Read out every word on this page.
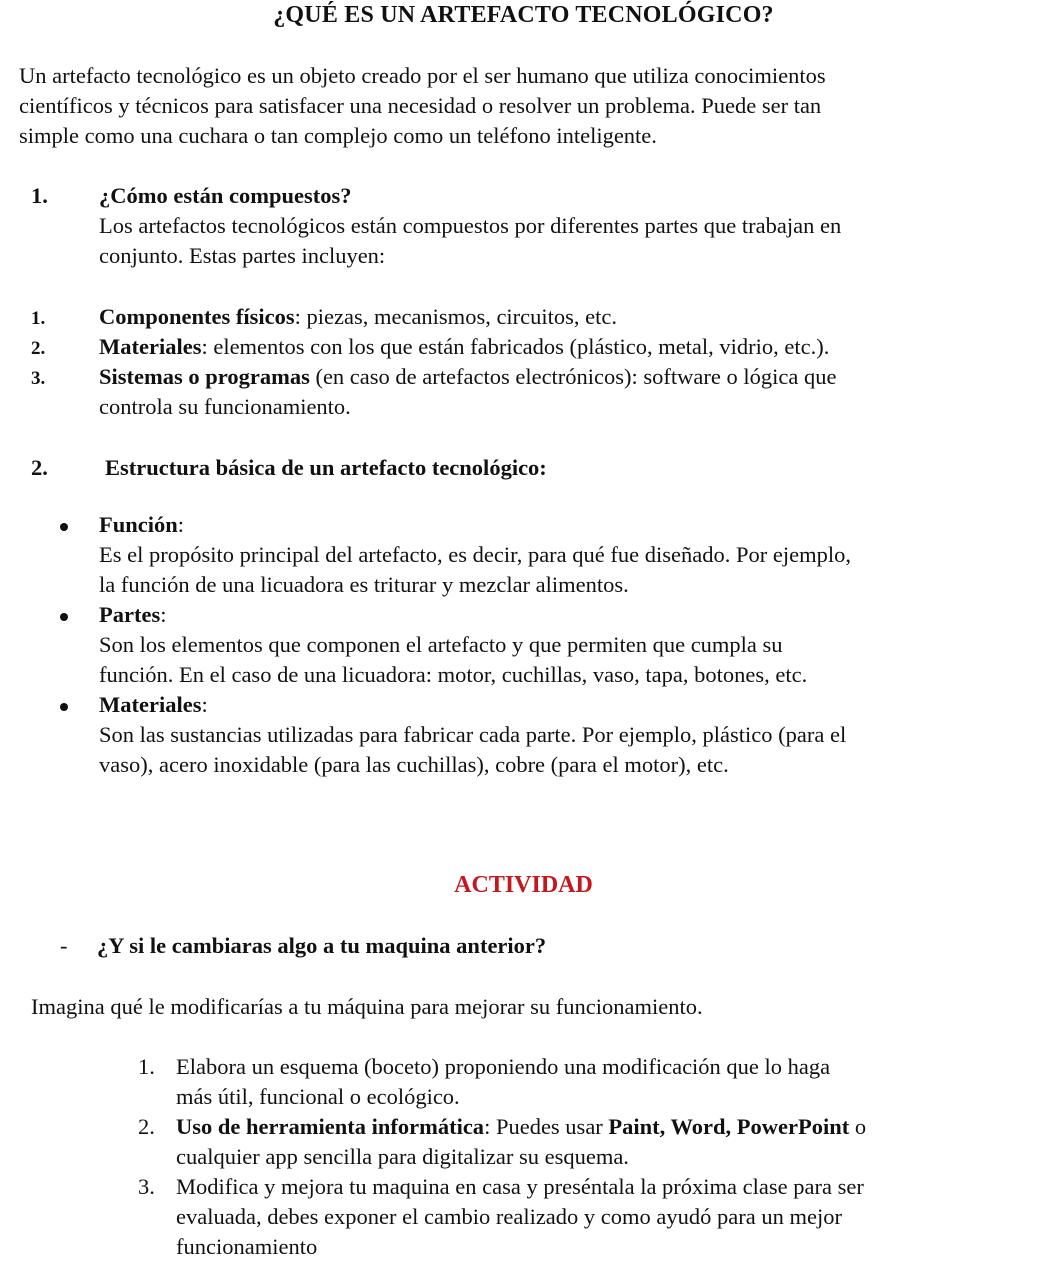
¿QUÉ ES UN ARTEFACTO TECNOLÓGICO?
Un artefacto tecnológico es un objeto creado por el ser humano que utiliza conocimientos
científicos y técnicos para satisfacer una necesidad o resolver un problema. Puede ser tan
simple como una cuchara o tan complejo como un teléfono inteligente.
1. ¿Cómo están compuestos?
Los artefactos tecnológicos están compuestos por diferentes partes que trabajan en
conjunto. Estas partes incluyen:
1. Componentes físicos: piezas, mecanismos, circuitos, etc.
2. Materiales: elementos con los que están fabricados (plástico, metal, vidrio, etc.).
3. Sistemas o programas (en caso de artefactos electrónicos): software o lógica que
controla su funcionamiento.
2.	Estructura básica de un artefacto tecnológico:
Función:
Es el propósito principal del artefacto, es decir, para qué fue diseñado. Por ejemplo,
la función de una licuadora es triturar y mezclar alimentos.
Partes:
Son los elementos que componen el artefacto y que permiten que cumpla su
función. En el caso de una licuadora: motor, cuchillas, vaso, tapa, botones, etc.
Materiales:
Son las sustancias utilizadas para fabricar cada parte. Por ejemplo, plástico (para el
vaso), acero inoxidable (para las cuchillas), cobre (para el motor), etc.
ACTIVIDAD
- ¿Y si le cambiaras algo a tu maquina anterior?
Imagina qué le modificarías a tu máquina para mejorar su funcionamiento.
1. Elabora un esquema (boceto) proponiendo una modificación que lo haga
más útil, funcional o ecológico.
2. Uso de herramienta informática: Puedes usar Paint, Word, PowerPoint o
cualquier app sencilla para digitalizar su esquema.
3. Modifica y mejora tu maquina en casa y preséntala la próxima clase para ser
evaluada, debes exponer el cambio realizado y como ayudó para un mejor
funcionamiento
